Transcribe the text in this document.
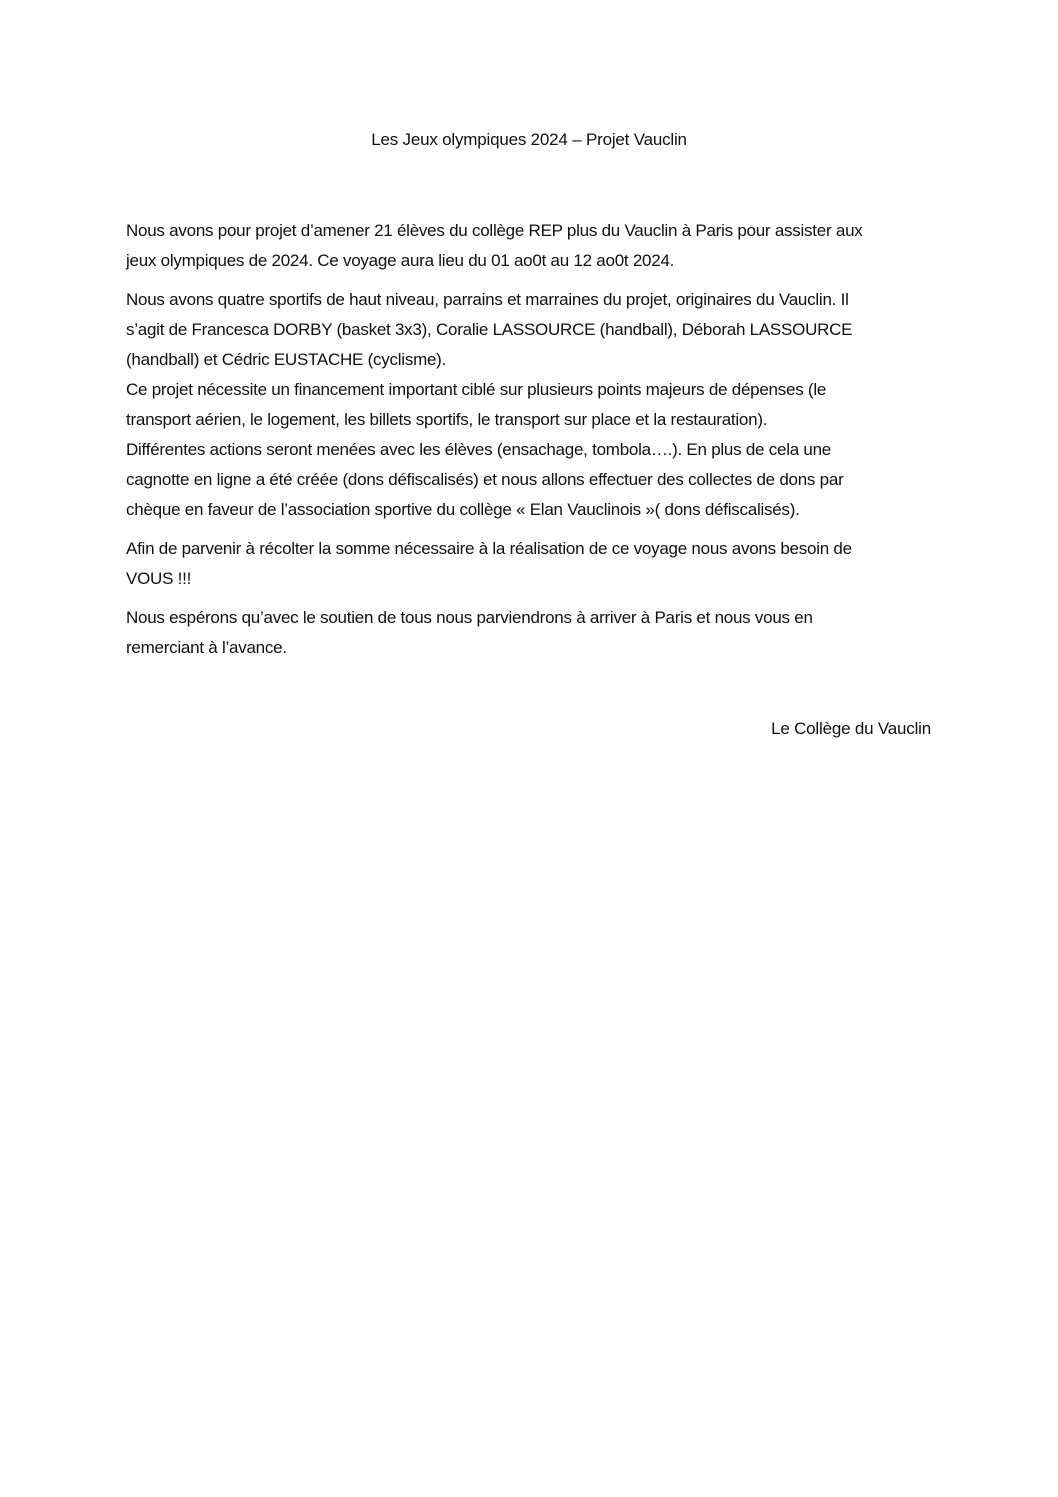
Les Jeux olympiques 2024 – Projet Vauclin

Nous avons pour projet d’amener 21 élèves du collège REP plus du Vauclin à Paris pour assister aux
jeux olympiques de 2024. Ce voyage aura lieu du 01 ao0t au 12 ao0t 2024.

Nous avons quatre sportifs de haut niveau, parrains et marraines du projet, originaires du Vauclin. Il
s’agit de Francesca DORBY (basket 3x3), Coralie LASSOURCE (handball), Déborah LASSOURCE
(handball) et Cédric EUSTACHE (cyclisme).

Ce projet nécessite un financement important ciblé sur plusieurs points majeurs de dépenses (le
transport aérien, le logement, les billets sportifs, le transport sur place et la restauration).
Différentes actions seront menées avec les élèves (ensachage, tombola….). En plus de cela une
cagnotte en ligne a été créée (dons défiscalisés) et nous allons effectuer des collectes de dons par
chèque en faveur de l’association sportive du collège « Elan Vauclinois »( dons défiscalisés).

Afin de parvenir à récolter la somme nécessaire à la réalisation de ce voyage nous avons besoin de
VOUS !!!

Nous espérons qu’avec le soutien de tous nous parviendrons à arriver à Paris et nous vous en
remerciant à l’avance.

Le Collège du Vauclin
